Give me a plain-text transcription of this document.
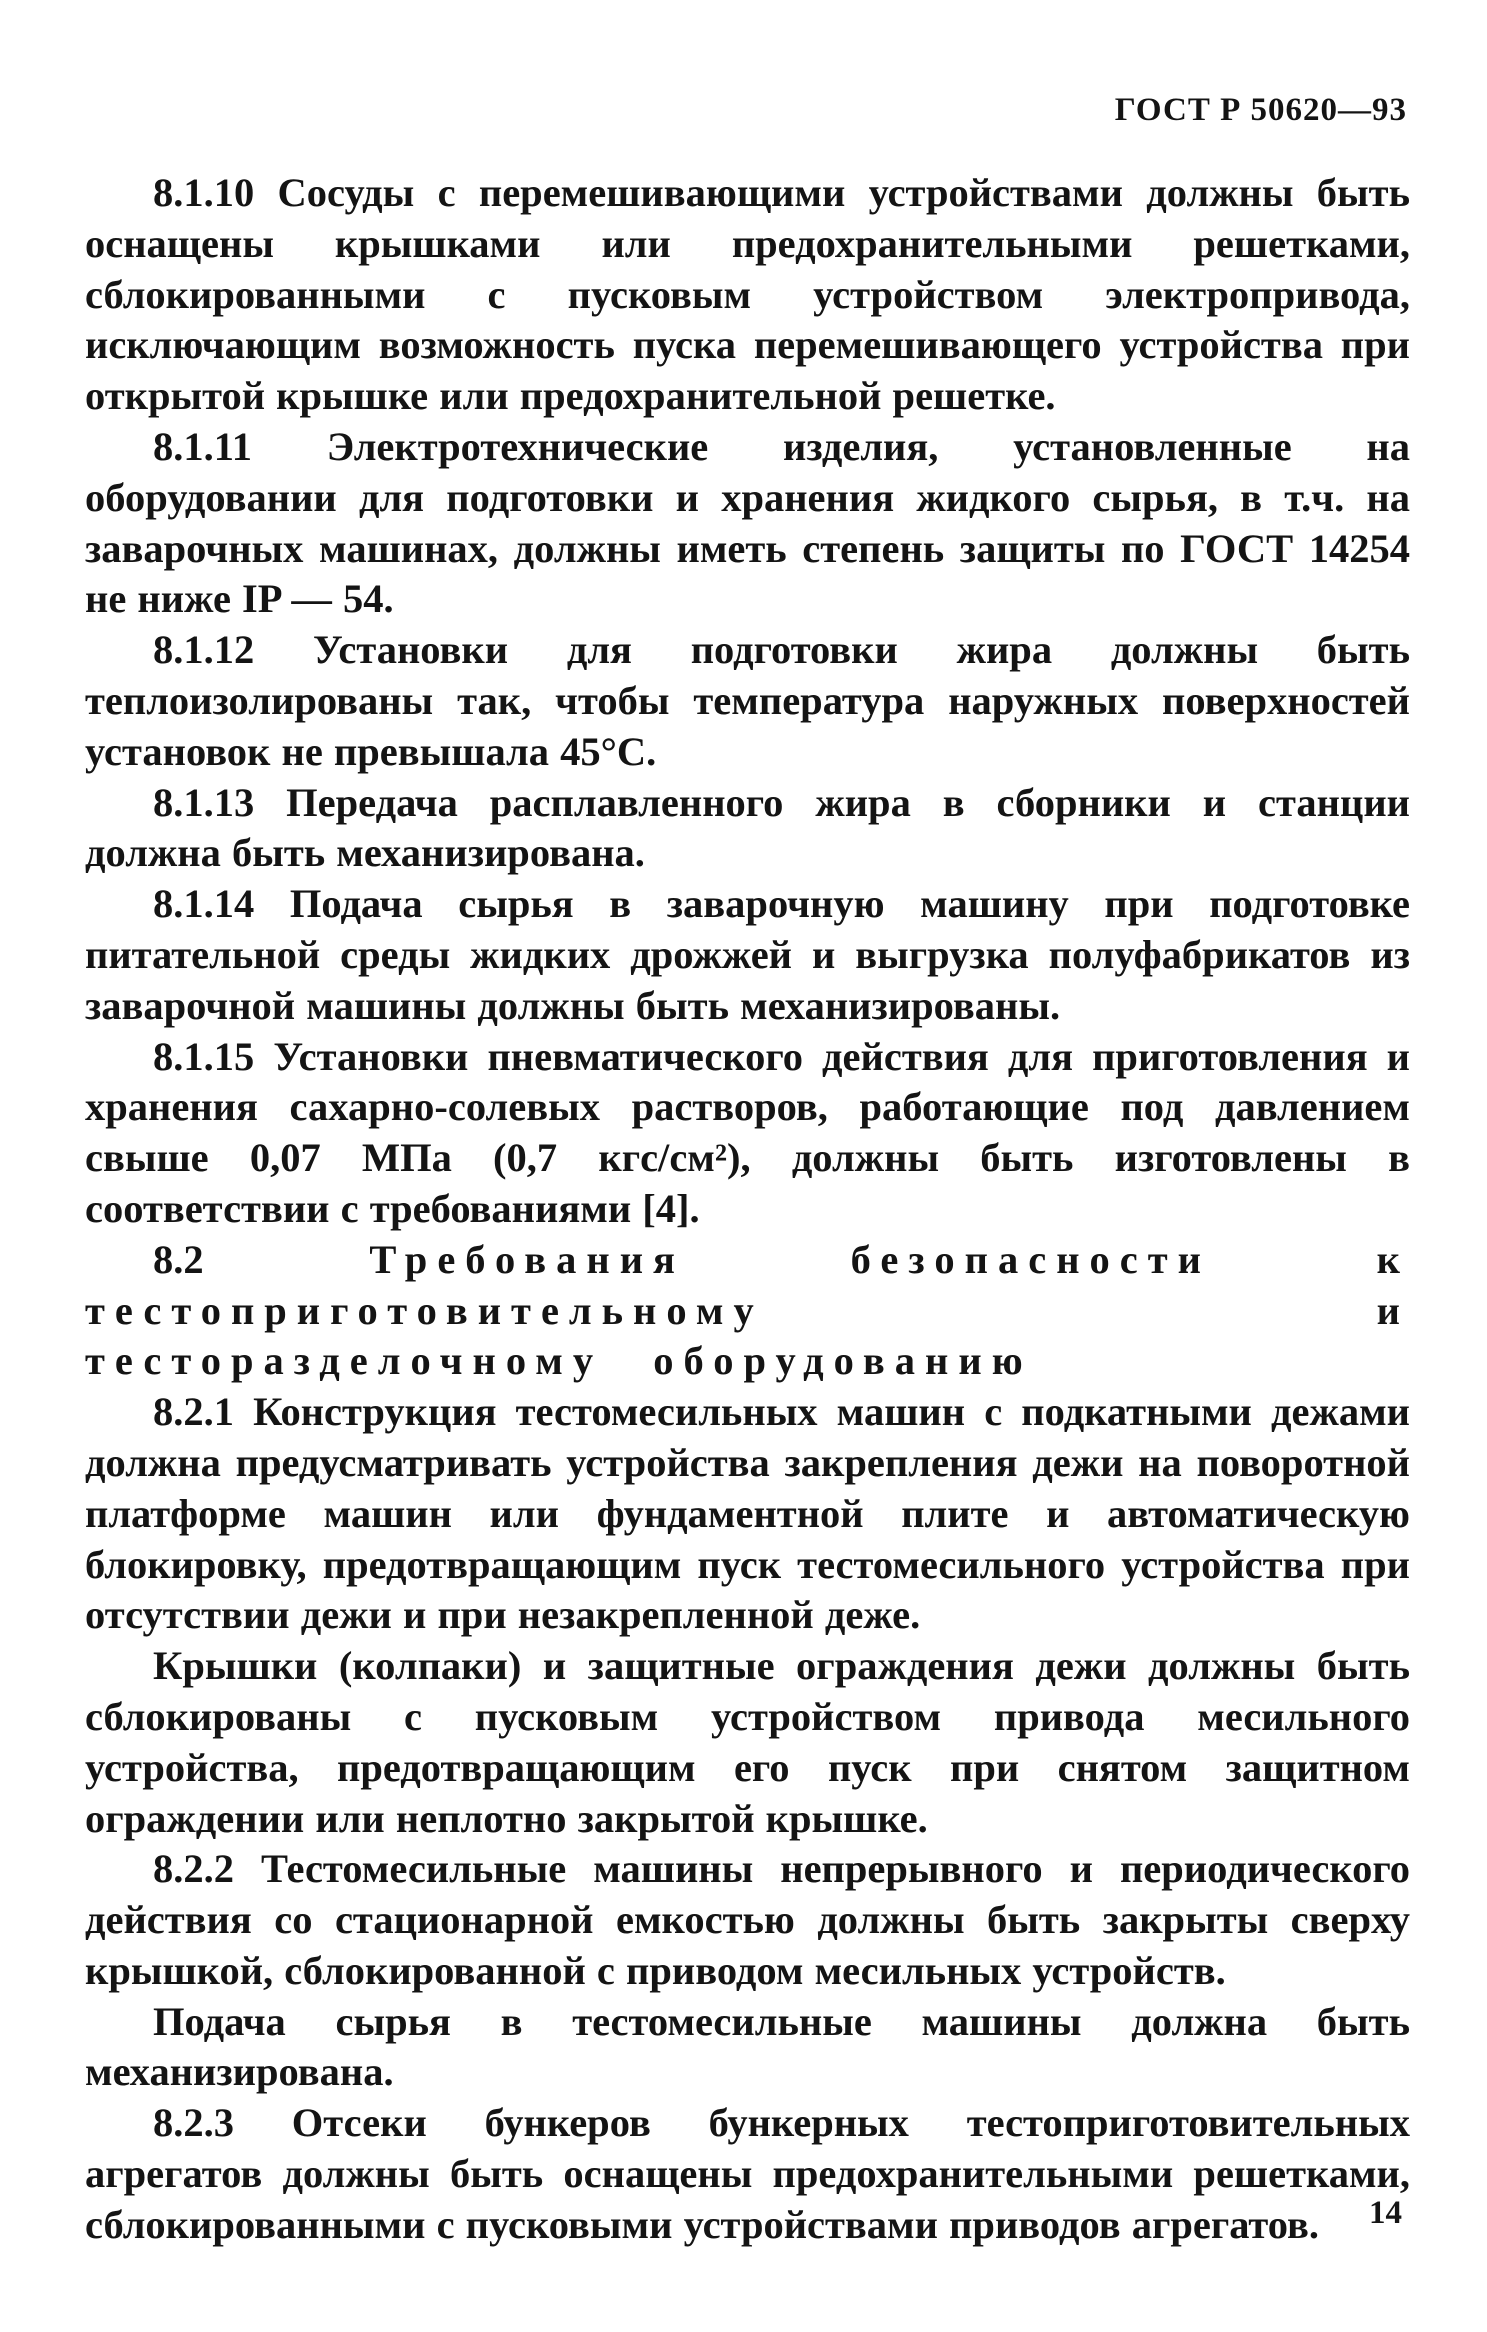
ГОСТ Р 50620—93

8.1.10 Сосуды с перемешивающими устройствами должны быть оснащены крышками или предохранительными решетками, сблокированными с пусковым устройством электропривода, исключающим возможность пуска перемешивающего устройства при открытой крышке или предохранительной решетке.

8.1.11 Электротехнические изделия, установленные на оборудовании для подготовки и хранения жидкого сырья, в т.ч. на заварочных машинах, должны иметь степень защиты по ГОСТ 14254 не ниже IP — 54.

8.1.12 Установки для подготовки жира должны быть теплоизолированы так, чтобы температура наружных поверхностей установок не превышала 45°С.

8.1.13 Передача расплавленного жира в сборники и станции должна быть механизирована.

8.1.14 Подача сырья в заварочную машину при подготовке питательной среды жидких дрожжей и выгрузка полуфабрикатов из заварочной машины должны быть механизированы.

8.1.15 Установки пневматического действия для приготовления и хранения сахарно-солевых растворов, работающие под давлением свыше 0,07 МПа (0,7 кгс/см²), должны быть изготовлены в соответствии с требованиями [4].

8.2	Требования безопасности к тестоприготовительному и тесторазделочному оборудованию

8.2.1 Конструкция тестомесильных машин с подкатными дежами должна предусматривать устройства закрепления дежи на поворотной платформе машин или фундаментной плите и автоматическую блокировку, предотвращающим пуск тестомесильного устройства при отсутствии дежи и при незакрепленной деже.

Крышки (колпаки) и защитные ограждения дежи должны быть сблокированы с пусковым устройством привода месильного устройства, предотвращающим его пуск при снятом защитном ограждении или неплотно закрытой крышке.

8.2.2 Тестомесильные машины непрерывного и периодического действия со стационарной емкостью должны быть закрыты сверху крышкой, сблокированной с приводом месильных устройств.

Подача сырья в тестомесильные машины должна быть механизирована.

8.2.3 Отсеки бункеров бункерных тестоприготовительных агрегатов должны быть оснащены предохранительными решетками, сблокированными с пусковыми устройствами приводов агрегатов.	14
